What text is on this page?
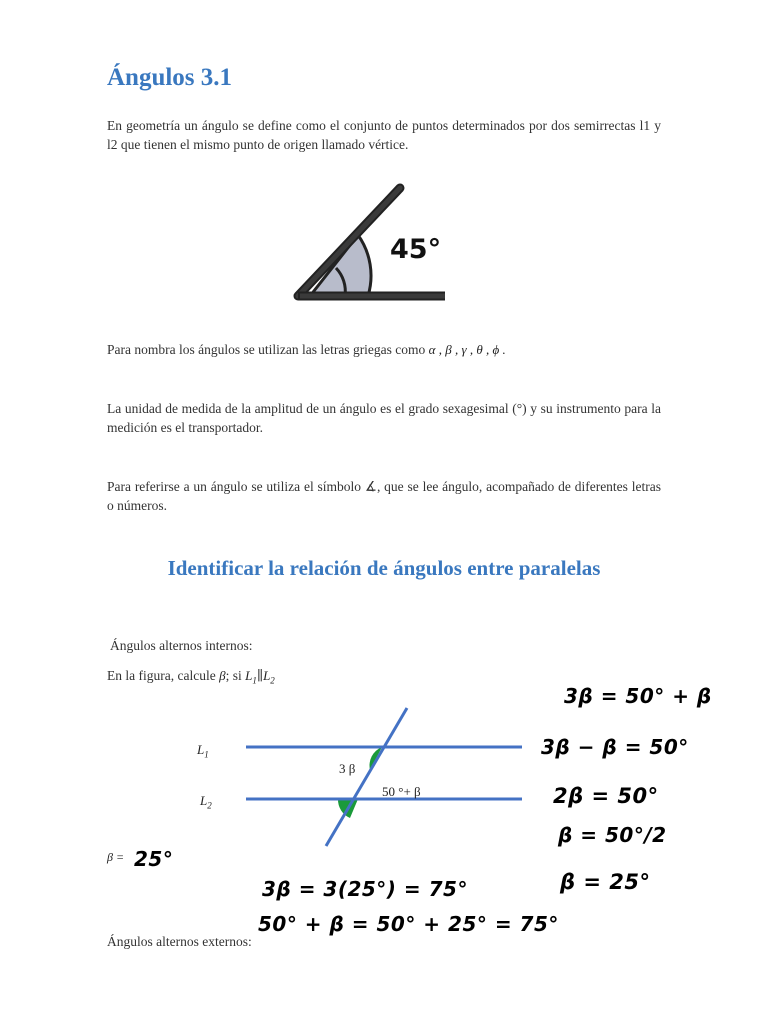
Ángulos 3.1

En geometría un ángulo se define como el conjunto de puntos determinados por dos semirrectas l1 y l2 que tienen el mismo punto de origen llamado vértice.

45°

Para nombra los ángulos se utilizan las letras griegas como α , β , γ , θ , ϕ .

La unidad de medida de la amplitud de un ángulo es el grado sexagesimal (°) y su instrumento para la medición es el transportador.

Para referirse a un ángulo se utiliza el símbolo ∡, que se lee ángulo, acompañado de diferentes letras o números.

Identificar la relación de ángulos entre paralelas
Ángulos alternos internos:
En la figura, calcule β; si $L_1\parallel L_2$
$L_1$
$L_2$
3 β
50 °+ β
β = 25°
3β = 50° + β
3β − β = 50°
2β = 50°
β = 50°/2
β = 25°
3β = 3(25°) = 75°
50° + β = 50° + 25° = 75°
Ángulos alternos externos:
